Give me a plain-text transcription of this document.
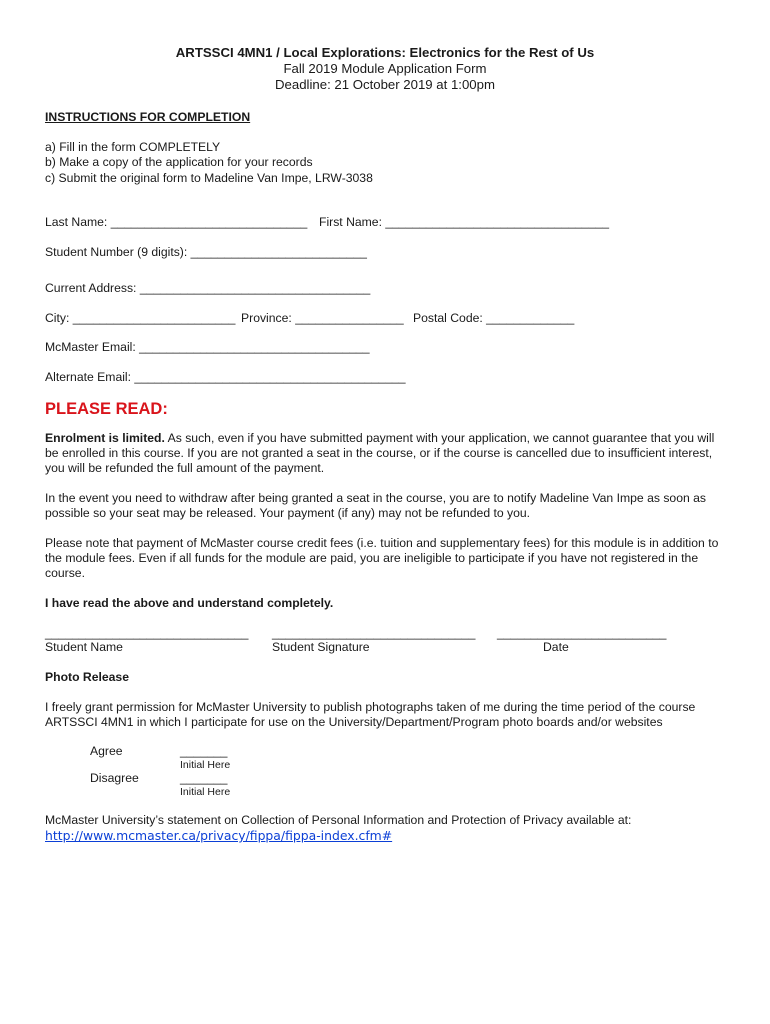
ARTSSCI 4MN1 / Local Explorations: Electronics for the Rest of Us
Fall 2019 Module Application Form
Deadline: 21 October 2019 at 1:00pm
INSTRUCTIONS FOR COMPLETION
a) Fill in the form COMPLETELY
b) Make a copy of the application for your records
c) Submit the original form to Madeline Van Impe, LRW-3038
Last Name: _____________________________ First Name: _________________________________
Student Number (9 digits): __________________________
Current Address: __________________________________
City: ________________________ Province: ________________ Postal Code: _____________
McMaster Email: __________________________________
Alternate Email: ________________________________________
PLEASE READ:
Enrolment is limited. As such, even if you have submitted payment with your application, we cannot guarantee that you will be enrolled in this course. If you are not granted a seat in the course, or if the course is cancelled due to insufficient interest, you will be refunded the full amount of the payment.
In the event you need to withdraw after being granted a seat in the course, you are to notify Madeline Van Impe as soon as possible so your seat may be released. Your payment (if any) may not be refunded to you.
Please note that payment of McMaster course credit fees (i.e. tuition and supplementary fees) for this module is in addition to the module fees. Even if all funds for the module are paid, you are ineligible to participate if you have not registered in the course.
I have read the above and understand completely.
______________________________ ______________________________ _________________________
Student Name	Student Signature	Date
Photo Release
I freely grant permission for McMaster University to publish photographs taken of me during the time period of the course ARTSSCI 4MN1 in which I participate for use on the University/Department/Program photo boards and/or websites
Agree	_______
Initial Here
Disagree	_______
Initial Here
McMaster University’s statement on Collection of Personal Information and Protection of Privacy available at:
http://www.mcmaster.ca/privacy/fippa/fippa-index.cfm#
